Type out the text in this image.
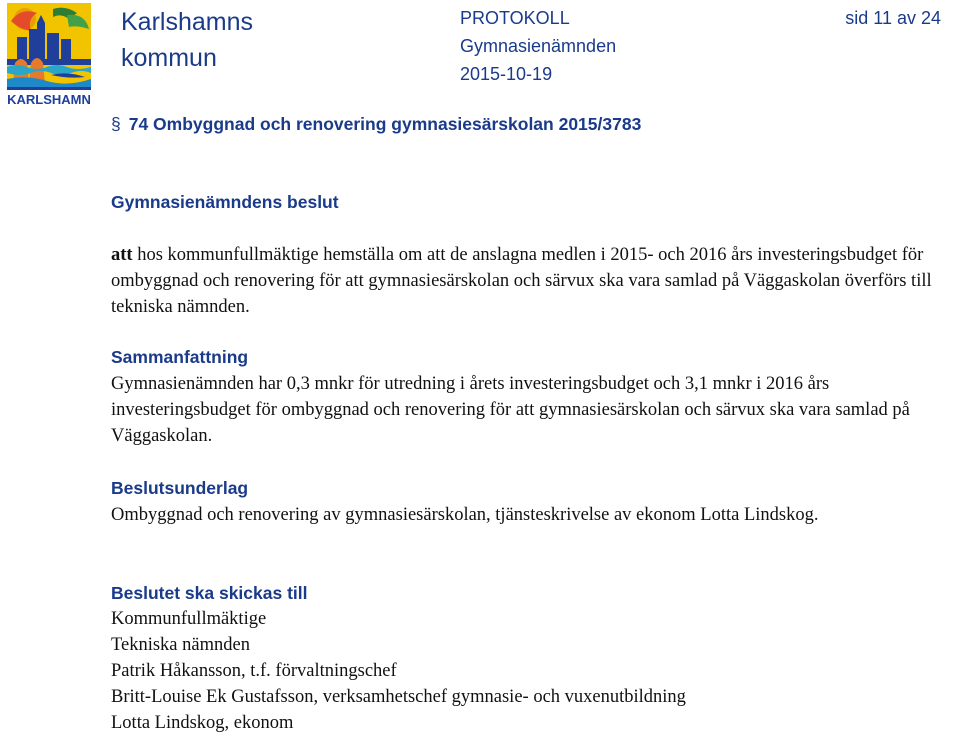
KARLSHAMN
Karlshamns
kommun
PROTOKOLL
Gymnasienämnden
2015-10-19
sid 11 av 24
§ 74 Ombyggnad och renovering gymnasiesärskolan 2015/3783
Gymnasienämndens beslut
att hos kommunfullmäktige hemställa om att de anslagna medlen i 2015- och 2016 års investeringsbudget för ombyggnad och renovering för att gymnasiesärskolan och särvux ska vara samlad på Väggaskolan överförs till tekniska nämnden.
Sammanfattning
Gymnasienämnden har 0,3 mnkr för utredning i årets investeringsbudget och 3,1 mnkr i 2016 års investeringsbudget för ombyggnad och renovering för att gymnasiesärskolan och särvux ska vara samlad på Väggaskolan.
Beslutsunderlag
Ombyggnad och renovering av gymnasiesärskolan, tjänsteskrivelse av ekonom Lotta Lindskog.
Beslutet ska skickas till
Kommunfullmäktige
Tekniska nämnden
Patrik Håkansson, t.f. förvaltningschef
Britt-Louise Ek Gustafsson, verksamhetschef gymnasie- och vuxenutbildning
Lotta Lindskog, ekonom
